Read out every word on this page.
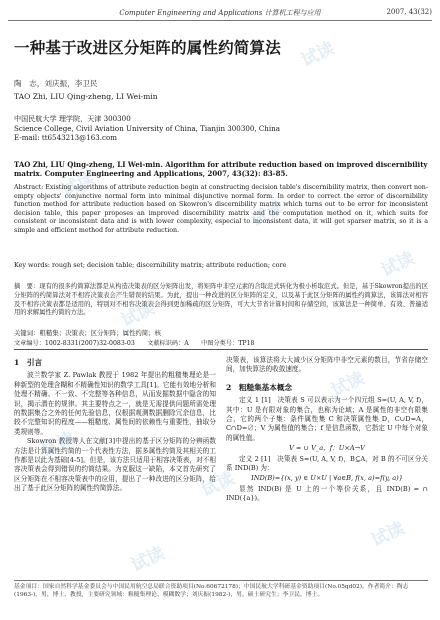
Computer Engineering and Applications 计算机工程与应用	2007, 43(32)
一种基于改进区分矩阵的属性约简算法
陶　志，刘庆振，李卫民
TAO Zhi, LIU Qing-zheng, LI Wei-min
中国民航大学 理学院，天津 300300
Science College, Civil Aviation University of China, Tianjin 300300, China
E-mail: tt6543213@163.com
TAO Zhi, LIU Qing-zheng, LI Wei-min. Algorithm for attribute reduction based on improved discernibility matrix. Computer Engineering and Applications, 2007, 43(32): 83-85.
Abstract: Existing algorithms of attribute reduction begin at constructing decision table's discernibility matrix, then convert non-empty objects' conjunctive normal form into minimal disjunctive normal form. In order to correct the error of discernibility function method for attribute reduction based on Skowron's discernibility matrix which turns out to be error for inconsistent decision table, this paper proposes an improved discernibility matrix and the computation method on it, which suits for consistent or inconsistent data and is with lower complexity, especial to inconsistent data, it will get sparser matrix, so it is a simple and efficient method for attribute reduction.
Key words: rough set; decision table; discernibility matrix; attribute reduction; core
摘　要：现有的很多约简算法都是从构造决策表的区分矩阵出发，将矩阵中非空元素的合取范式转化为极小析取范式。但是，基于Skowron提出的区分矩阵的约简算法对不相容决策表会产生错误的结果。为此，提出一种改进的区分矩阵的定义，以及基于此区分矩阵的属性约简算法，该算法对相容及不相容决策表都是适用的，特别对不相容决策表会得到更加稀疏的区分矩阵，可大大节省计算时间和存储空间，该算法是一种简单、有效、普遍适用的求解属性约简的方法。
关键词：粗糙集；决策表；区分矩阵；属性约简；核
文章编号：1002-8331(2007)32-0083-03　　文献标识码：A　　中图分类号：TP18
1　引言

波兰数学家 Z. Pawlak 教授于 1982 年提出的粗糙集理论是一种新型的处理含糊和不精确性知识的数学工具[1]。它能有效地分析和处理不精确、不一致、不完整等各种信息，从而发掘数据中隐含的知识，揭示潜在的规律。其主要特点之一，就是无需提供问题所需处理的数据集合之外的任何先验信息，仅根据观测数据删除冗余信息，比较不完整知识的程度——粗糙度、属性间的依赖性与重要性，抽取分类规则等。

Skowron 教授等人在文献[3]中提出的基于区分矩阵的分辨函数方法是计算属性约简的一个代表性方法，据多属性约简及其相关的工作都是以此为基础[4-5]。但是，该方法只适用于相容决策表，对不相容决策表会得到错误的约简结果。为克服这一缺陷，本文首先研究了区分矩阵在不相容决策表中的应用，提出了一种改进的区分矩阵，给出了基于此区分矩阵的属性约简算法。

决策表，该算法将大大减少区分矩阵中非空元素的数目，节省存储空间，加快算法的收敛速度。

2　粗糙集基本概念

定义 1 [1]　决策表 S 可以表示为一个四元组 S=(U, A, V, f)，其中：U 是有限对象的集合，也称为论域；A 是属性的非空有限集合，它的两个子集：条件属性集 C 和决策属性集 D，C∪D=A，C∩D=∅；V 为属性值的集合；f 是信息函数，它指定 U 中每个对象的属性值。

V = ∪ V_a，f：U×A→V

定义 2 [1]　决策表 S=(U, A, V, f)，B⊆A，对 B 的不可区分关系 IND(B) 为：

IND(B)={(x, y) ∈ U×U | ∀a∈B, f(x, a)=f(y, a)}

显然 IND(B) 是 U 上的一个等价关系，且 IND(B) = ∩ IND({a})。

基金项目：国家自然科学基金委员会与中国民用航空总局联合资助项目(No.60672178)；中国民航大学科研基金资助项目(No.05qd02)。作者简介：陶志(1963-)，男，博士，教授，主要研究领域：粗糙集理论、模糊数学；刘庆振(1982-)，男，硕士研究生；李卫民，博士。
试读
试读
试读
试读
试读
试读
试读
试读
试读
试读
